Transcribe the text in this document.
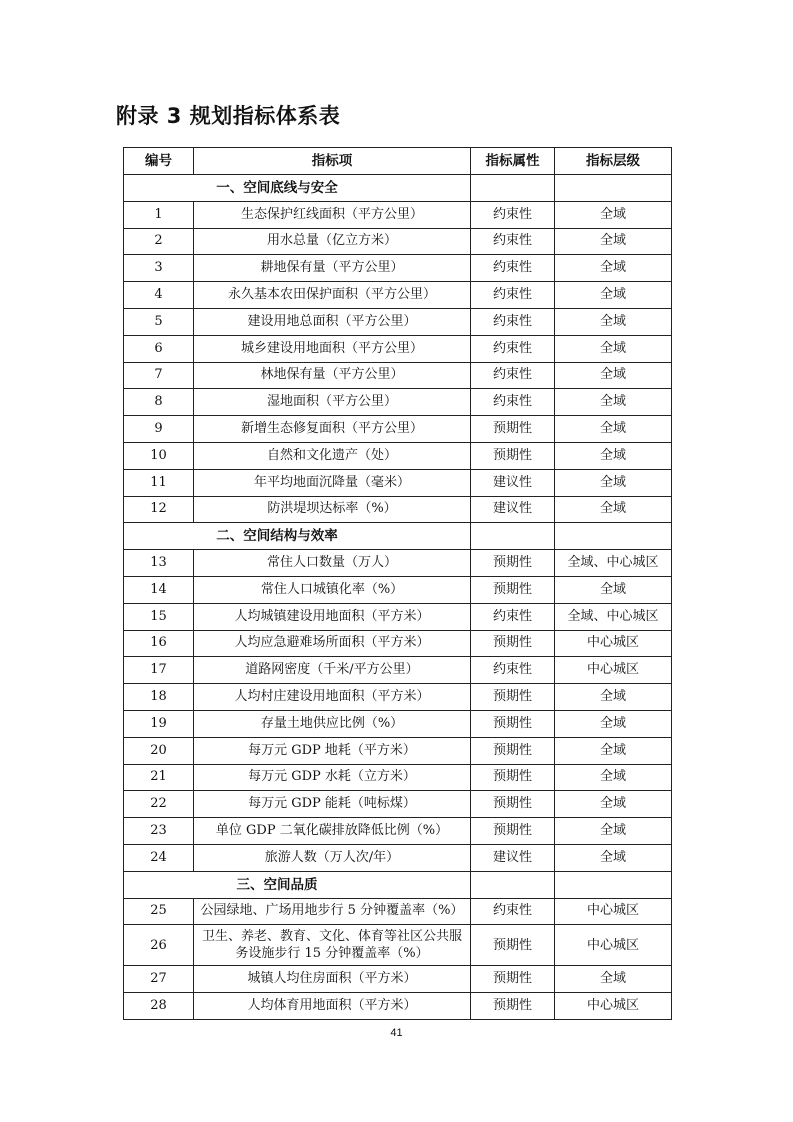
附录 3 规划指标体系表
编号	指标项	指标属性	指标层级
一、空间底线与安全			
1	生态保护红线面积（平方公里）	约束性	全域
2	用水总量（亿立方米）	约束性	全域
3	耕地保有量（平方公里）	约束性	全域
4	永久基本农田保护面积（平方公里）	约束性	全域
5	建设用地总面积（平方公里）	约束性	全域
6	城乡建设用地面积（平方公里）	约束性	全域
7	林地保有量（平方公里）	约束性	全域
8	湿地面积（平方公里）	约束性	全域
9	新增生态修复面积（平方公里）	预期性	全域
10	自然和文化遗产（处）	预期性	全域
11	年平均地面沉降量（毫米）	建议性	全域
12	防洪堤坝达标率（%）	建议性	全域
二、空间结构与效率			
13	常住人口数量（万人）	预期性	全域、中心城区
14	常住人口城镇化率（%）	预期性	全域
15	人均城镇建设用地面积（平方米）	约束性	全域、中心城区
16	人均应急避难场所面积（平方米）	预期性	中心城区
17	道路网密度（千米/平方公里）	约束性	中心城区
18	人均村庄建设用地面积（平方米）	预期性	全域
19	存量土地供应比例（%）	预期性	全域
20	每万元 GDP 地耗（平方米）	预期性	全域
21	每万元 GDP 水耗（立方米）	预期性	全域
22	每万元 GDP 能耗（吨标煤）	预期性	全域
23	单位 GDP 二氧化碳排放降低比例（%）	预期性	全域
24	旅游人数（万人次/年）	建议性	全域
三、空间品质			
25	公园绿地、广场用地步行 5 分钟覆盖率（%）	约束性	中心城区
26	卫生、养老、教育、文化、体育等社区公共服务设施步行 15 分钟覆盖率（%）	预期性	中心城区
27	城镇人均住房面积（平方米）	预期性	全域
28	人均体育用地面积（平方米）	预期性	中心城区
41
